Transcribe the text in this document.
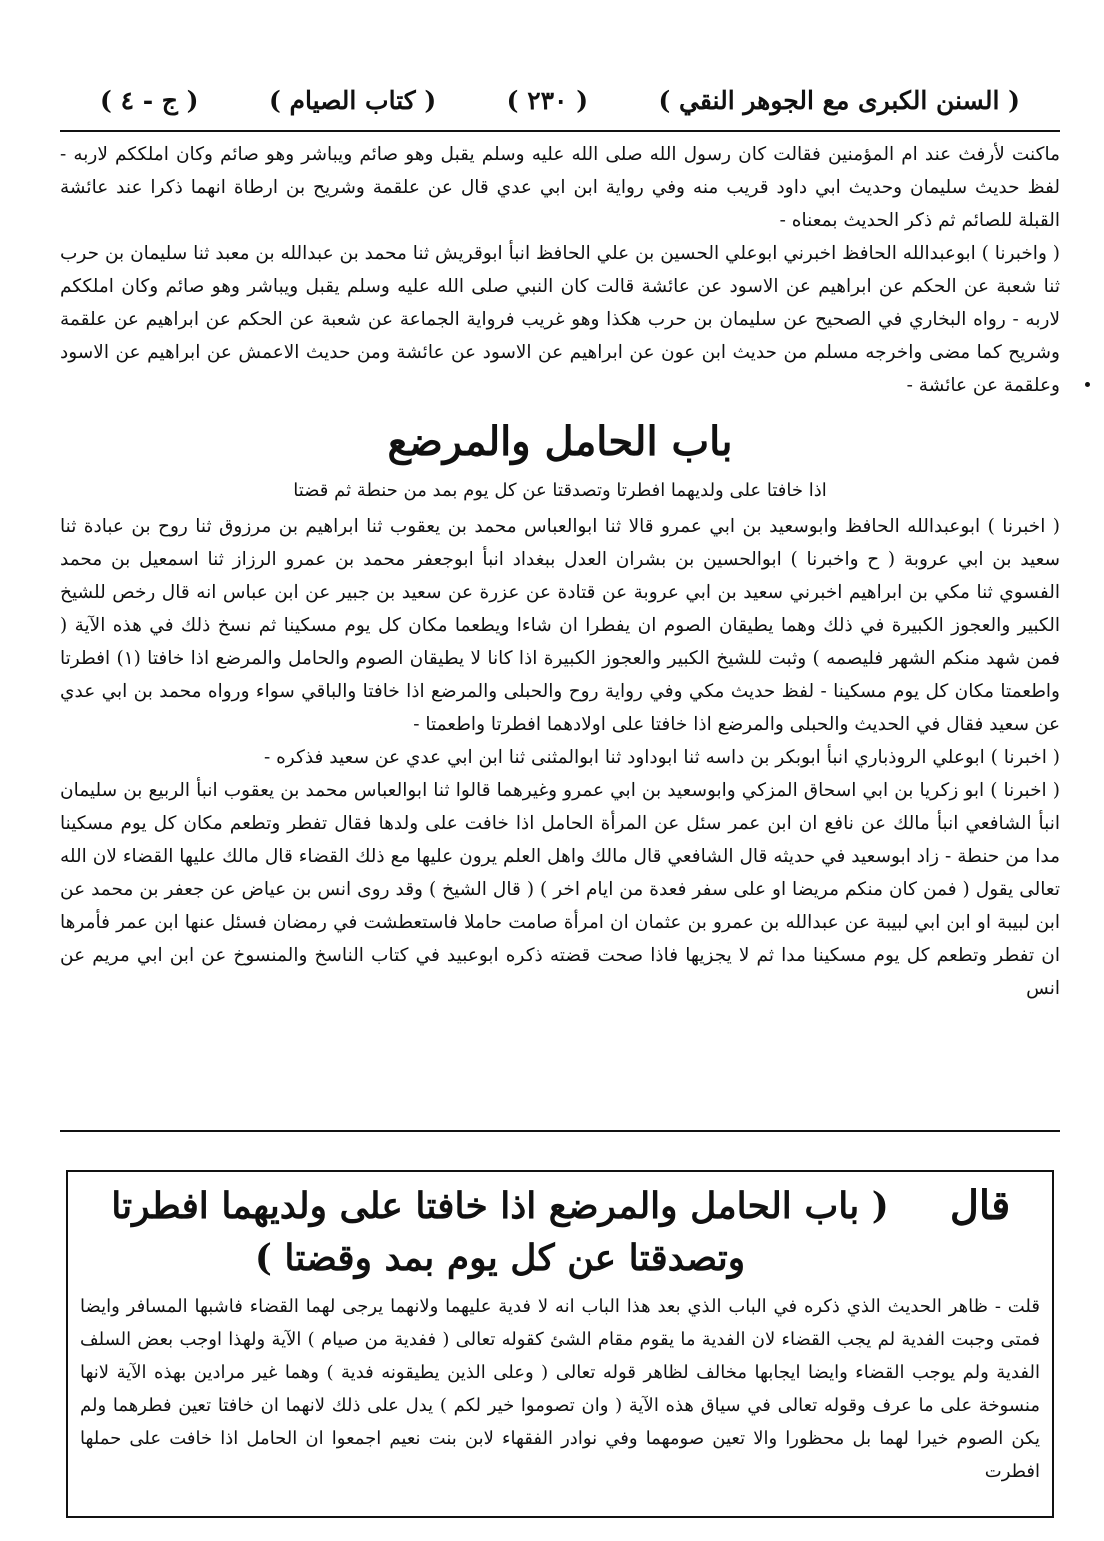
( السنن الكبرى مع الجوهر النقي )
( ٢٣٠ )
( كتاب الصيام )
( ج - ٤ )

ماكنت لأرفث عند ام المؤمنين فقالت كان رسول الله صلى الله عليه وسلم يقبل وهو صائم ويباشر وهو صائم وكان املككم لاربه - لفظ حديث سليمان وحديث ابي داود قريب منه وفي رواية ابن ابي عدي قال عن علقمة وشريح بن ارطاة انهما ذكرا عند عائشة القبلة للصائم ثم ذكر الحديث بمعناه -

( واخبرنا ) ابوعبدالله الحافظ اخبرني ابوعلي الحسين بن علي الحافظ انبأ ابوقريش ثنا محمد بن عبدالله بن معبد ثنا سليمان بن حرب ثنا شعبة عن الحكم عن ابراهيم عن الاسود عن عائشة قالت كان النبي صلى الله عليه وسلم يقبل ويباشر وهو صائم وكان املككم لاربه - رواه البخاري في الصحيح عن سليمان بن حرب هكذا وهو غريب فرواية الجماعة عن شعبة عن الحكم عن ابراهيم عن علقمة وشريح كما مضى واخرجه مسلم من حديث ابن عون عن ابراهيم عن الاسود عن عائشة ومن حديث الاعمش عن ابراهيم عن الاسود وعلقمة عن عائشة -

باب الحامل والمرضع
اذا خافتا على ولديهما افطرتا وتصدقتا عن كل يوم بمد من حنطة ثم قضتا

( اخبرنا ) ابوعبدالله الحافظ وابوسعيد بن ابي عمرو قالا ثنا ابوالعباس محمد بن يعقوب ثنا ابراهيم بن مرزوق ثنا روح بن عبادة ثنا سعيد بن ابي عروبة ( ح واخبرنا ) ابوالحسين بن بشران العدل ببغداد انبأ ابوجعفر محمد بن عمرو الرزاز ثنا اسمعيل بن محمد الفسوي ثنا مكي بن ابراهيم اخبرني سعيد بن ابي عروبة عن قتادة عن عزرة عن سعيد بن جبير عن ابن عباس انه قال رخص للشيخ الكبير والعجوز الكبيرة في ذلك وهما يطيقان الصوم ان يفطرا ان شاءا ويطعما مكان كل يوم مسكينا ثم نسخ ذلك في هذه الآية ( فمن شهد منكم الشهر فليصمه ) وثبت للشيخ الكبير والعجوز الكبيرة اذا كانا لا يطيقان الصوم والحامل والمرضع اذا خافتا (١) افطرتا واطعمتا مكان كل يوم مسكينا - لفظ حديث مكي وفي رواية روح والحبلى والمرضع اذا خافتا والباقي سواء ورواه محمد بن ابي عدي عن سعيد فقال في الحديث والحبلى والمرضع اذا خافتا على اولادهما افطرتا واطعمتا -

( اخبرنا ) ابوعلي الروذباري انبأ ابوبكر بن داسه ثنا ابوداود ثنا ابوالمثنى ثنا ابن ابي عدي عن سعيد فذكره -

( اخبرنا ) ابو زكريا بن ابي اسحاق المزكي وابوسعيد بن ابي عمرو وغيرهما قالوا ثنا ابوالعباس محمد بن يعقوب انبأ الربيع بن سليمان انبأ الشافعي انبأ مالك عن نافع ان ابن عمر سئل عن المرأة الحامل اذا خافت على ولدها فقال تفطر وتطعم مكان كل يوم مسكينا مدا من حنطة - زاد ابوسعيد في حديثه قال الشافعي قال مالك واهل العلم يرون عليها مع ذلك القضاء قال مالك عليها القضاء لان الله تعالى يقول ( فمن كان منكم مريضا او على سفر فعدة من ايام اخر ) ( قال الشيخ ) وقد روى انس بن عياض عن جعفر بن محمد عن ابن لبيبة او ابن ابي لبيبة عن عبدالله بن عمرو بن عثمان ان امرأة صامت حاملا فاستعطشت في رمضان فسئل عنها ابن عمر فأمرها ان تفطر وتطعم كل يوم مسكينا مدا ثم لا يجزيها فاذا صحت قضته ذكره ابوعبيد في كتاب الناسخ والمنسوخ عن ابن ابي مريم عن انس

قال
( باب الحامل والمرضع اذا خافتا على ولديهما افطرتا
وتصدقتا عن كل يوم بمد وقضتا )

قلت - ظاهر الحديث الذي ذكره في الباب الذي بعد هذا الباب انه لا فدية عليهما ولانهما يرجى لهما القضاء فاشبها المسافر وايضا فمتى وجبت الفدية لم يجب القضاء لان الفدية ما يقوم مقام الشئ كقوله تعالى ( ففدية من صيام ) الآية ولهذا اوجب بعض السلف الفدية ولم يوجب القضاء وايضا ايجابها مخالف لظاهر قوله تعالى ( وعلى الذين يطيقونه فدية ) وهما غير مرادين بهذه الآية لانها منسوخة على ما عرف وقوله تعالى في سياق هذه الآية ( وان تصوموا خير لكم ) يدل على ذلك لانهما ان خافتا تعين فطرهما ولم يكن الصوم خيرا لهما بل محظورا والا تعين صومهما وفي نوادر الفقهاء لابن بنت نعيم اجمعوا ان الحامل اذا خافت على حملها افطرت
